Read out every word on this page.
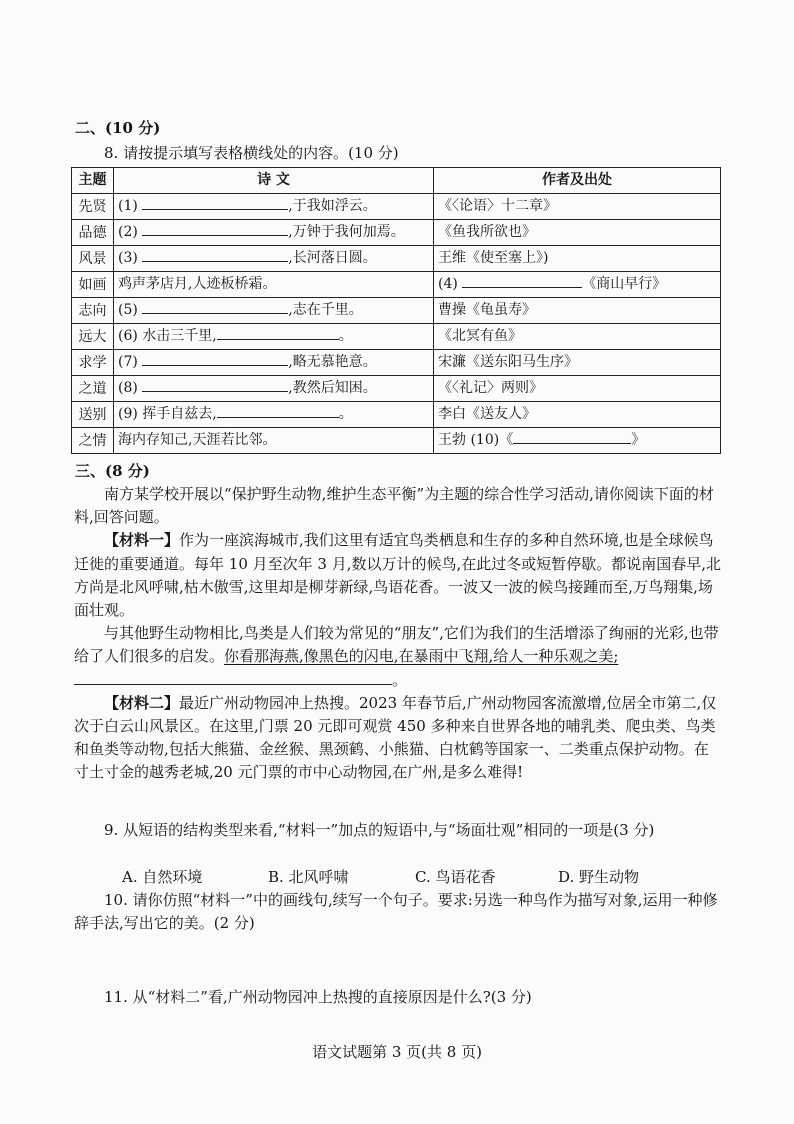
二、(10 分)
8. 请按提示填写表格横线处的内容。(10 分)
主题	诗 文	作者及出处
先贤	(1) ,于我如浮云。	《〈论语〉十二章》
品德	(2) ,万钟于我何加焉。	《鱼我所欲也》
风景	(3) ,长河落日圆。	王维《使至塞上》)
如画	鸡声茅店月,人迹板桥霜。	(4) 《商山早行》
志向	(5) ,志在千里。	曹操《龟虽寿》
远大	(6) 水击三千里, 。	《北冥有鱼》
求学	(7) ,略无慕艳意。	宋濂《送东阳马生序》
之道	(8) ,教然后知困。	《〈礼记〉两则》
送别	(9) 挥手自兹去, 。	李白《送友人》
之情	海内存知己,天涯若比邻。	王勃 (10)《 》
三、(8 分)

南方某学校开展以“保护野生动物,维护生态平衡”为主题的综合性学习活动,请你阅读下面的材料,回答问题。

【材料一】作为一座滨海城市,我们这里有适宜鸟类栖息和生存的多种自然环境,也是全球候鸟迁徙的重要通道。每年 10 月至次年 3 月,数以万计的候鸟,在此过冬或短暂停歇。都说南国春早,北方尚是北风呼啸,枯木傲雪,这里却是柳芽新绿,鸟语花香。一波又一波的候鸟接踵而至,万鸟翔集,场面壮观。

与其他野生动物相比,鸟类是人们较为常见的“朋友”,它们为我们的生活增添了绚丽的光彩,也带给了人们很多的启发。你看那海燕,像黑色的闪电,在暴雨中飞翔,给人一种乐观之美;。

【材料二】最近广州动物园冲上热搜。2023 年春节后,广州动物园客流激增,位居全市第二,仅次于白云山风景区。在这里,门票 20 元即可观赏 450 多种来自世界各地的哺乳类、爬虫类、鸟类和鱼类等动物,包括大熊猫、金丝猴、黑颈鹤、小熊猫、白枕鹤等国家一、二类重点保护动物。在寸土寸金的越秀老城,20 元门票的市中心动物园,在广州,是多么难得!

9. 从短语的结构类型来看,“材料一”加点的短语中,与“场面壮观”相同的一项是(3 分)
A. 自然环境	B. 北风呼啸	C. 鸟语花香	D. 野生动物
10. 请你仿照“材料一”中的画线句,续写一个句子。要求:另选一种鸟作为描写对象,运用一种修辞手法,写出它的美。(2 分)
11. 从“材料二”看,广州动物园冲上热搜的直接原因是什么?(3 分)
语文试题第 3 页(共 8 页)
